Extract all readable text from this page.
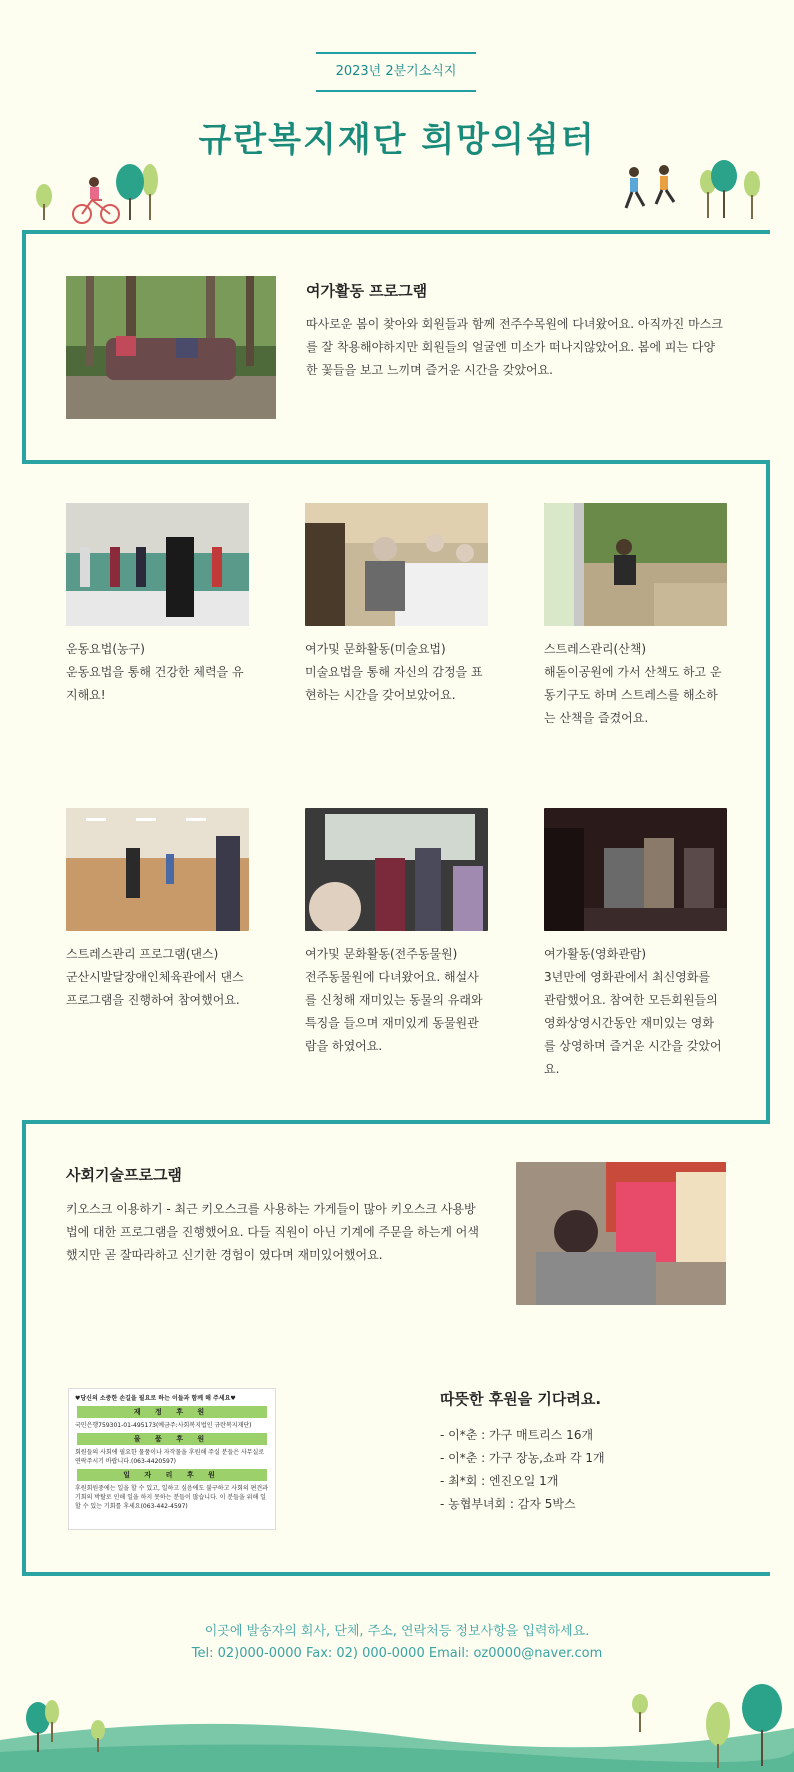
2023년 2분기소식지
규란복지재단 희망의쉼터
여가활동 프로그램
따사로운 봄이 찾아와 회원들과 함께 전주수목원에 다녀왔어요. 아직까진 마스크를 잘 착용해야하지만 회원들의 얼굴엔 미소가 떠나지않았어요. 봄에 피는 다양한 꽃들을 보고 느끼며 즐거운 시간을 갖았어요.
운동요법(농구)
운동요법을 통해 건강한 체력을 유지해요!
여가및 문화활동(미술요법)
미술요법을 통해 자신의 감정을 표현하는 시간을 갖어보았어요.
스트레스관리(산책)
해돋이공원에 가서 산책도 하고 운동기구도 하며 스트레스를 해소하는 산책을 즐겼어요.
스트레스관리 프로그램(댄스)
군산시발달장애인체육관에서 댄스프로그램을 진행하여 참여했어요.
여가및 문화활동(전주동물원)
전주동물원에 다녀왔어요. 해설사를 신청해 재미있는 동물의 유래와 특징을 들으며 재미있게 동물원관람을 하였어요.
여가활동(영화관람)
3년만에 영화관에서 최신영화를 관람했어요. 참여한 모든회원들의 영화상영시간동안 재미있는 영화를 상영하며 즐거운 시간을 갖았어요.
사회기술프로그램
키오스크 이용하기 - 최근 키오스크를 사용하는 가게들이 많아 키오스크 사용방법에 대한 프로그램을 진행했어요. 다들 직원이 아닌 기계에 주문을 하는게 어색했지만 곧 잘따라하고 신기한 경험이 였다며 재미있어했어요.
♥당신의 소중한 손길을 필요로 하는 이들과 함께 해 주세요♥
재 정 후 원
국민은행759301-01-495173(예금주:사회복지법인 규란복지재단)
물 품 후 원
회원들의 사회에 필요한 물품이나 자작물을 후원해 주실 분들은 사무실로 연락주시기 바랍니다.(063-4420597)
일 자 리 후 원
후원회원중에는 일을 할 수 있고, 일하고 싶음에도 불구하고 사회의 편견과 기회의 박탈로 인해 일을 하지 못하는 분들이 많습니다. 이 분들을 위해 일할 수 있는 기회를 후세요(063-442-4597)
따뜻한 후원을 기다려요.
- 이*춘 : 가구 매트리스 16개
- 이*춘 : 가구 장농,쇼파 각 1개
- 최*회 : 엔진오일 1개
- 농협부녀회 : 감자 5박스
이곳에 발송자의 회사, 단체, 주소, 연락처등 정보사항을 입력하세요.
Tel: 02)000-0000 Fax: 02) 000-0000 Email: oz0000@naver.com
